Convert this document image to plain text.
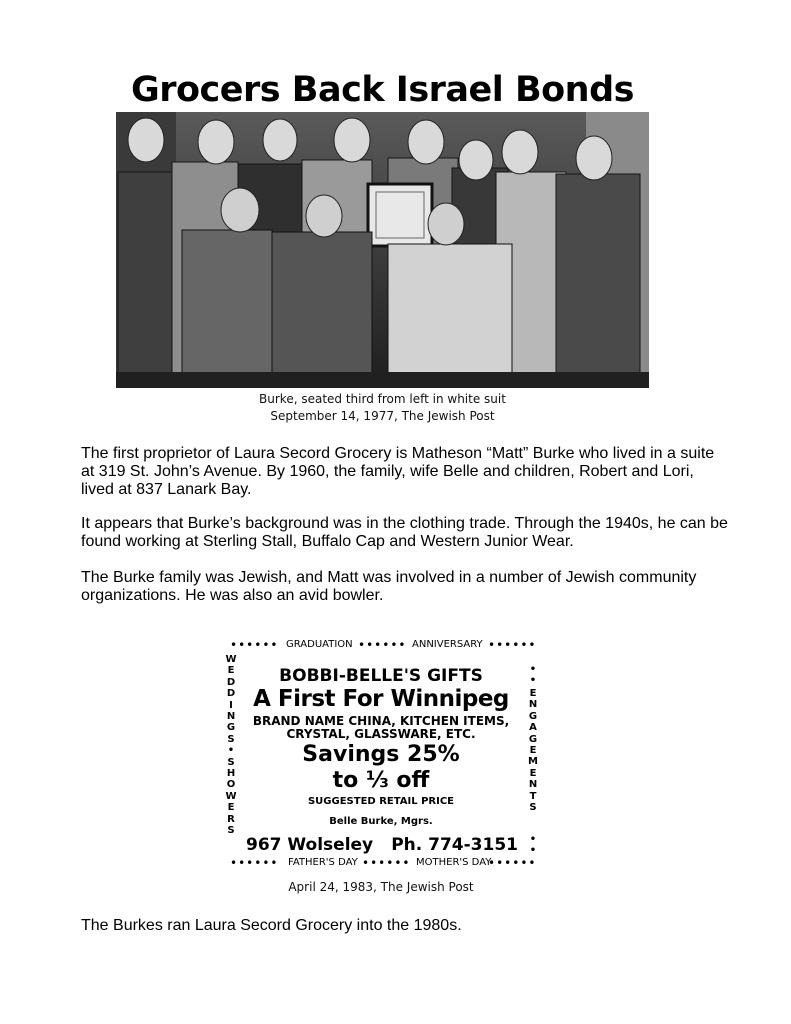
Grocers Back Israel Bonds
Burke, seated third from left in white suit
September 14, 1977, The Jewish Post

The first proprietor of Laura Secord Grocery is Matheson “Matt” Burke who lived in a suite at 319 St. John’s Avenue. By 1960, the family, wife Belle and children, Robert and Lori, lived at 837 Lanark Bay.

It appears that Burke’s background was in the clothing trade. Through the 1940s, he can be found working at Sterling Stall, Buffalo Cap and Western Junior Wear.

The Burke family was Jewish, and Matt was involved in a number of Jewish community organizations. He was also an avid bowler.

•••••• GRADUATION •••••• ANNIVERSARY ••••••
W
E
D
D
I
N
G
S
•
S
H
O
W
E
R
S
•
•
E
N
G
A
G
E
M
E
N
T
S
•
•
BOBBI-BELLE'S GIFTS
A First For Winnipeg
BRAND NAME CHINA, KITCHEN ITEMS,
CRYSTAL, GLASSWARE, ETC.
Savings 25%
to ⅓ off
SUGGESTED RETAIL PRICE
Belle Burke, Mgrs.
967 Wolseley Ph. 774-3151
•••••• FATHER'S DAY •••••• MOTHER'S DAY
••••••
April 24, 1983, The Jewish Post

The Burkes ran Laura Secord Grocery into the 1980s.
